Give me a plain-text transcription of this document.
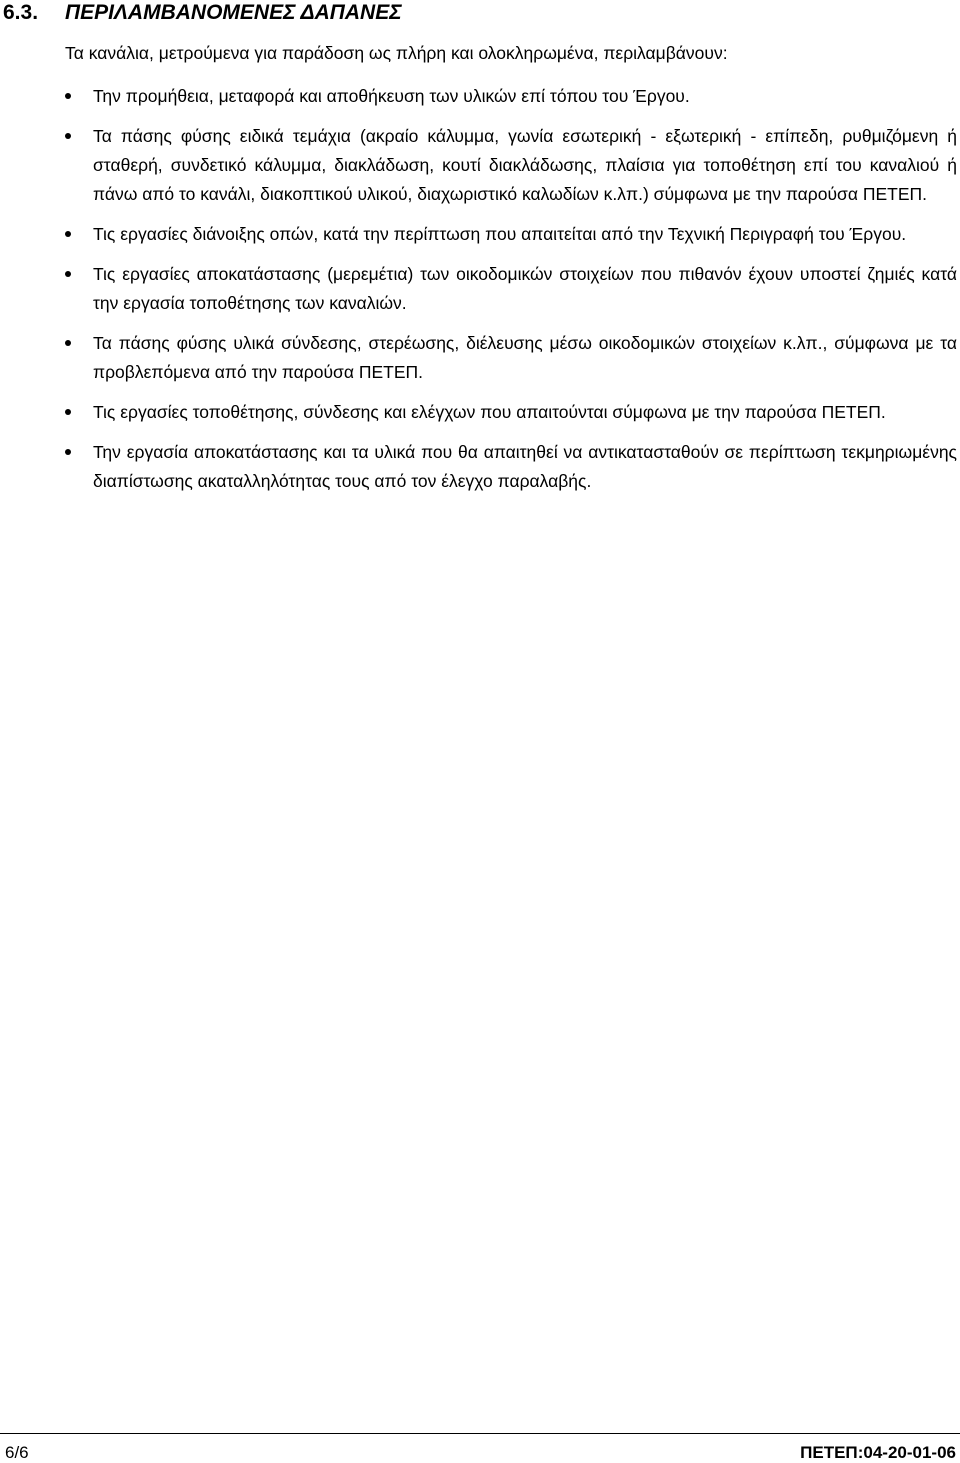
6.3. ΠΕΡΙΛΑΜΒΑΝΟΜΕΝΕΣ ΔΑΠΑΝΕΣ
Τα κανάλια, μετρούμενα για παράδοση ως πλήρη και ολοκληρωμένα, περιλαμβάνουν:
Την προμήθεια, μεταφορά και αποθήκευση των υλικών επί τόπου του Έργου.
Τα πάσης φύσης ειδικά τεμάχια (ακραίο κάλυμμα, γωνία εσωτερική - εξωτερική - επίπεδη, ρυθμιζόμενη ή σταθερή, συνδετικό κάλυμμα, διακλάδωση, κουτί διακλάδωσης, πλαίσια για τοποθέτηση επί του καναλιού ή πάνω από το κανάλι, διακοπτικού υλικού, διαχωριστικό καλωδίων κ.λπ.) σύμφωνα με την παρούσα ΠΕΤΕΠ.
Τις εργασίες διάνοιξης οπών, κατά την περίπτωση που απαιτείται από την Τεχνική Περιγραφή του Έργου.
Τις εργασίες αποκατάστασης (μερεμέτια) των οικοδομικών στοιχείων που πιθανόν έχουν υποστεί ζημιές κατά την εργασία τοποθέτησης των καναλιών.
Τα πάσης φύσης υλικά σύνδεσης, στερέωσης, διέλευσης μέσω οικοδομικών στοιχείων κ.λπ., σύμφωνα με τα προβλεπόμενα από την παρούσα ΠΕΤΕΠ.
Τις εργασίες τοποθέτησης, σύνδεσης και ελέγχων που απαιτούνται σύμφωνα με την παρούσα ΠΕΤΕΠ.
Την εργασία αποκατάστασης και τα υλικά που θα απαιτηθεί να αντικατασταθούν σε περίπτωση τεκμηριωμένης διαπίστωσης ακαταλληλότητας τους από τον έλεγχο παραλαβής.
6/6	ΠΕΤΕΠ:04-20-01-06
